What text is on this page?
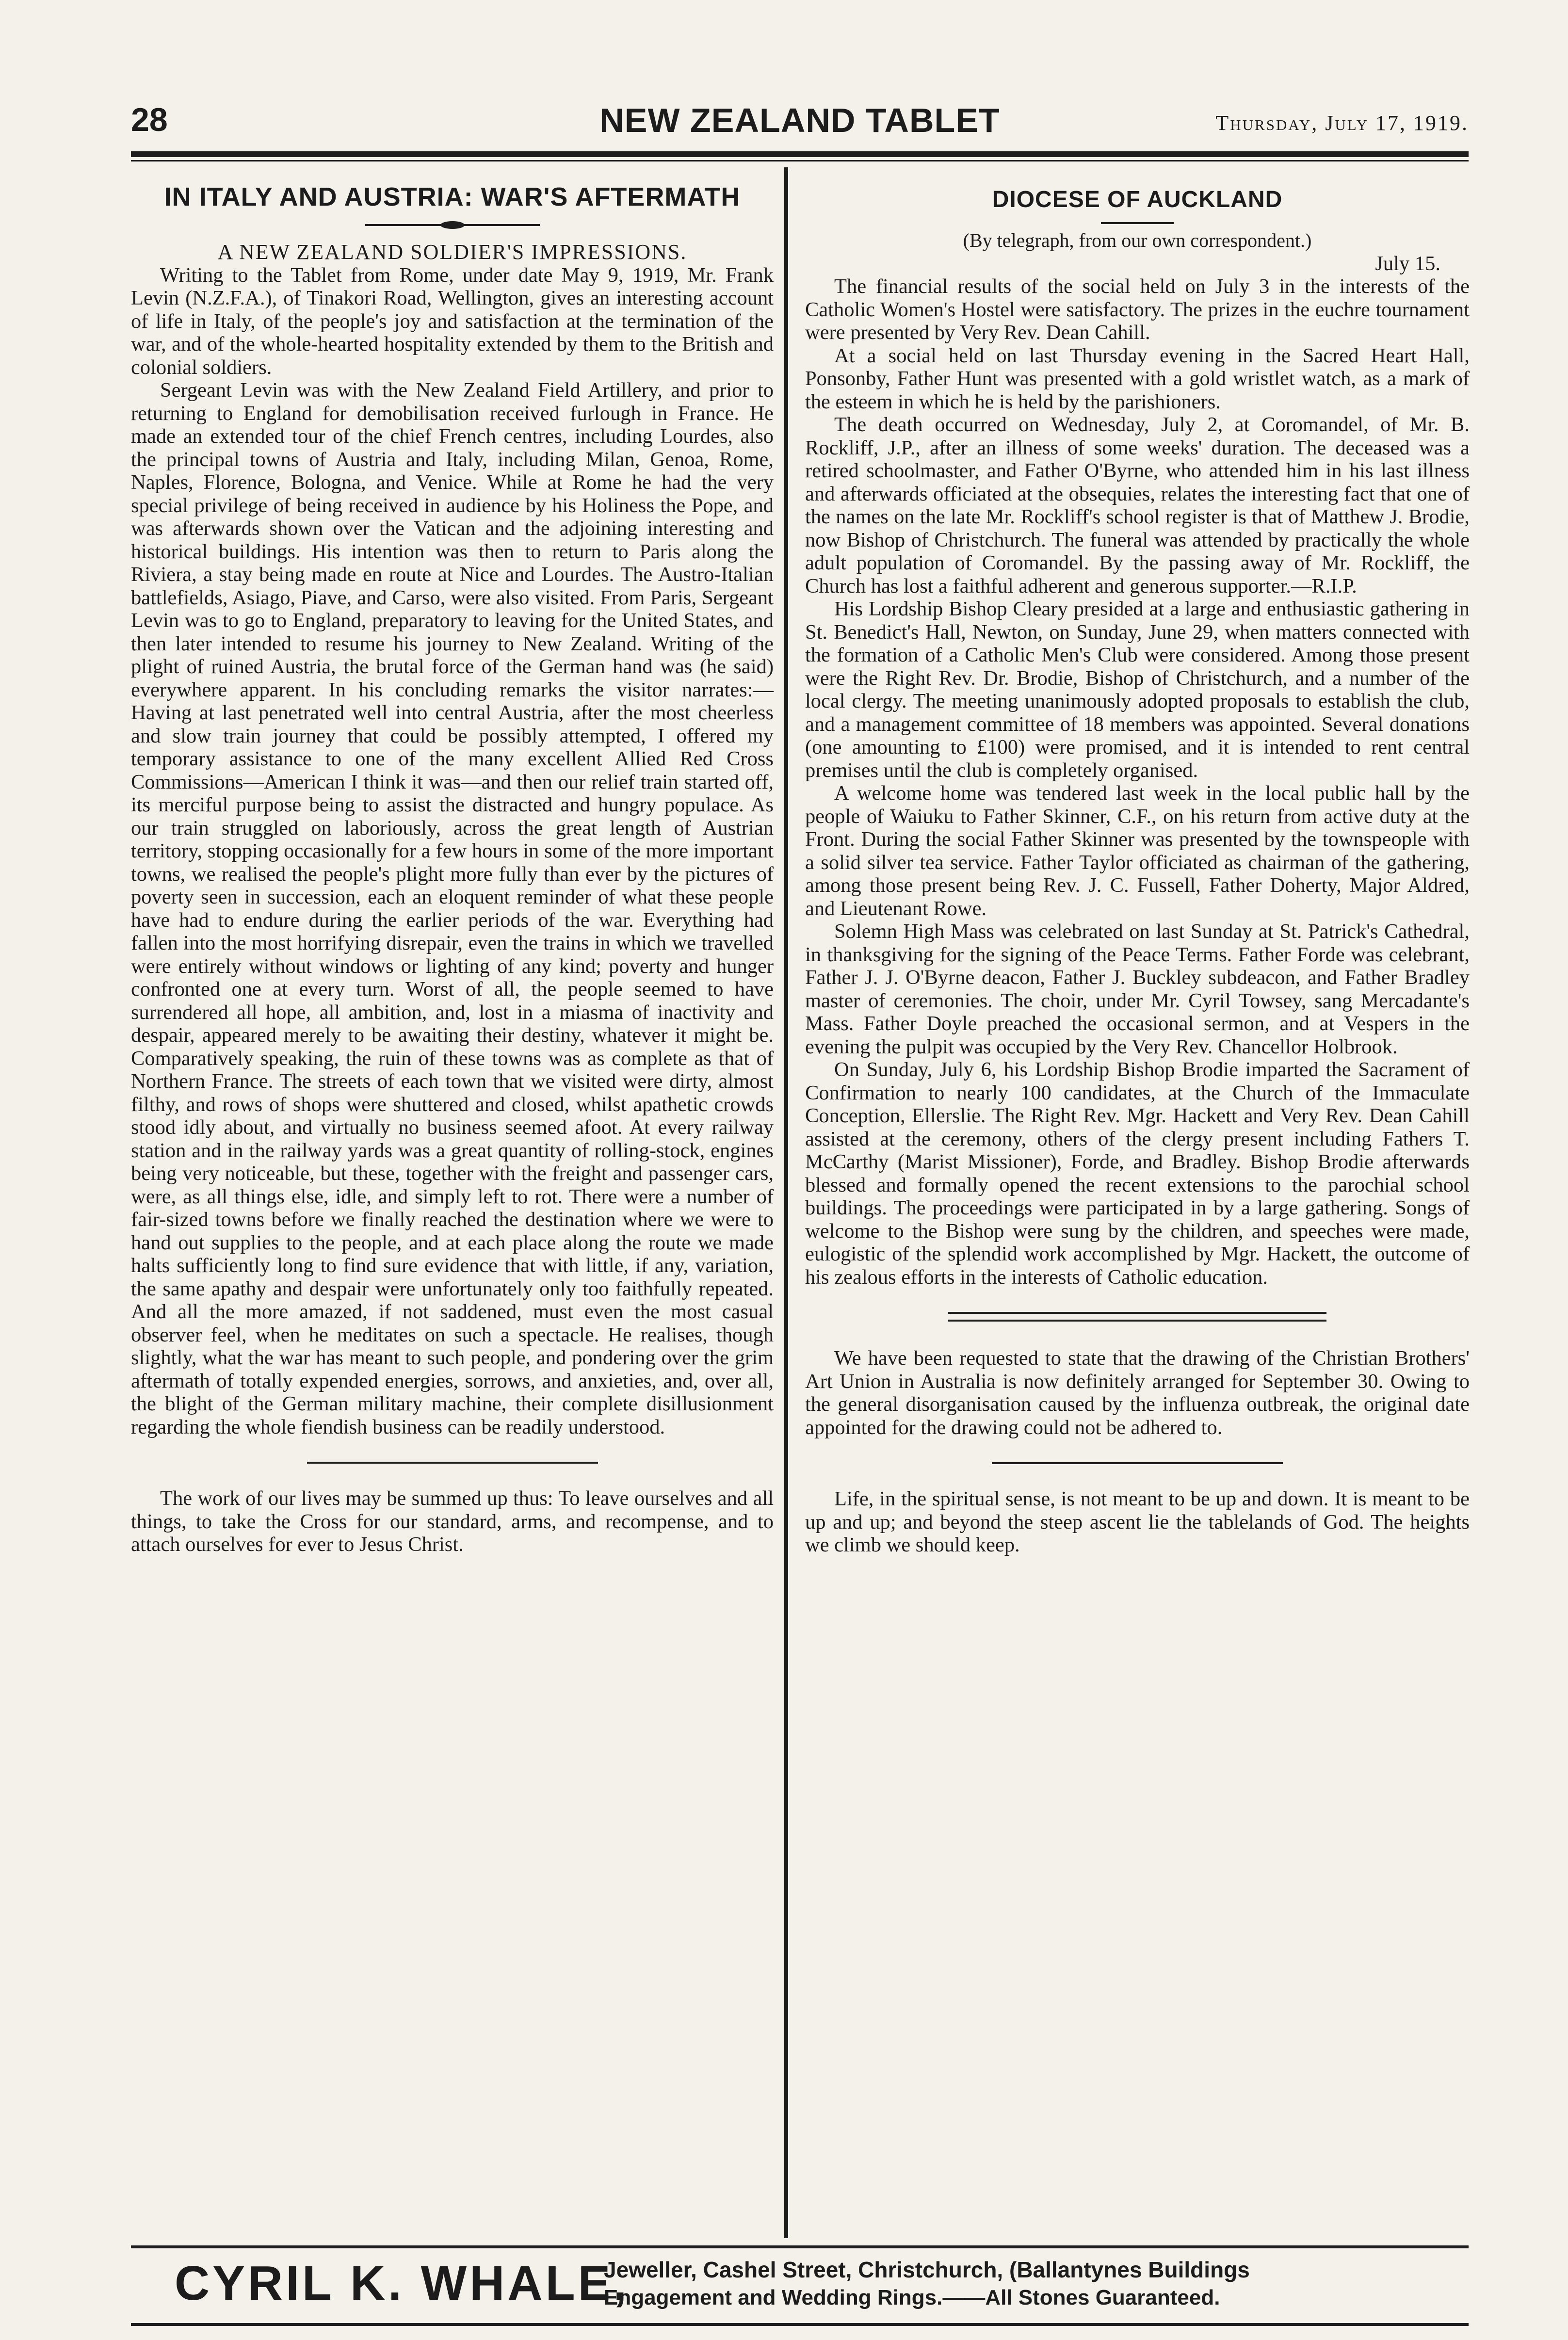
28	NEW ZEALAND TABLET	Thursday, July 17, 1919.
IN ITALY AND AUSTRIA: WAR'S AFTERMATH

A NEW ZEALAND SOLDIER'S IMPRESSIONS.

Writing to the Tablet from Rome, under date May 9, 1919, Mr. Frank Levin (N.Z.F.A.), of Tinakori Road, Wellington, gives an interesting account of life in Italy, of the people's joy and satisfaction at the termination of the war, and of the whole-hearted hospitality extended by them to the British and colonial soldiers.

Sergeant Levin was with the New Zealand Field Artillery, and prior to returning to England for demobilisation received furlough in France. He made an extended tour of the chief French centres, including Lourdes, also the principal towns of Austria and Italy, including Milan, Genoa, Rome, Naples, Florence, Bologna, and Venice. While at Rome he had the very special privilege of being received in audience by his Holiness the Pope, and was afterwards shown over the Vatican and the adjoining interesting and historical buildings. His intention was then to return to Paris along the Riviera, a stay being made en route at Nice and Lourdes. The Austro-Italian battlefields, Asiago, Piave, and Carso, were also visited. From Paris, Sergeant Levin was to go to England, preparatory to leaving for the United States, and then later intended to resume his journey to New Zealand. Writing of the plight of ruined Austria, the brutal force of the German hand was (he said) everywhere apparent. In his concluding remarks the visitor narrates:—Having at last penetrated well into central Austria, after the most cheerless and slow train journey that could be possibly attempted, I offered my temporary assistance to one of the many excellent Allied Red Cross Commissions—American I think it was—and then our relief train started off, its merciful purpose being to assist the distracted and hungry populace. As our train struggled on laboriously, across the great length of Austrian territory, stopping occasionally for a few hours in some of the more important towns, we realised the people's plight more fully than ever by the pictures of poverty seen in succession, each an eloquent reminder of what these people have had to endure during the earlier periods of the war. Everything had fallen into the most horrifying disrepair, even the trains in which we travelled were entirely without windows or lighting of any kind; poverty and hunger confronted one at every turn. Worst of all, the people seemed to have surrendered all hope, all ambition, and, lost in a miasma of inactivity and despair, appeared merely to be awaiting their destiny, whatever it might be. Comparatively speaking, the ruin of these towns was as complete as that of Northern France. The streets of each town that we visited were dirty, almost filthy, and rows of shops were shuttered and closed, whilst apathetic crowds stood idly about, and virtually no business seemed afoot. At every railway station and in the railway yards was a great quantity of rolling-stock, engines being very noticeable, but these, together with the freight and passenger cars, were, as all things else, idle, and simply left to rot. There were a number of fair-sized towns before we finally reached the destination where we were to hand out supplies to the people, and at each place along the route we made halts sufficiently long to find sure evidence that with little, if any, variation, the same apathy and despair were unfortunately only too faithfully repeated. And all the more amazed, if not saddened, must even the most casual observer feel, when he meditates on such a spectacle. He realises, though slightly, what the war has meant to such people, and pondering over the grim aftermath of totally expended energies, sorrows, and anxieties, and, over all, the blight of the German military machine, their complete disillusionment regarding the whole fiendish business can be readily understood.

The work of our lives may be summed up thus: To leave ourselves and all things, to take the Cross for our standard, arms, and recompense, and to attach ourselves for ever to Jesus Christ.

DIOCESE OF AUCKLAND

(By telegraph, from our own correspondent.)

July 15.

The financial results of the social held on July 3 in the interests of the Catholic Women's Hostel were satisfactory. The prizes in the euchre tournament were presented by Very Rev. Dean Cahill.

At a social held on last Thursday evening in the Sacred Heart Hall, Ponsonby, Father Hunt was presented with a gold wristlet watch, as a mark of the esteem in which he is held by the parishioners.

The death occurred on Wednesday, July 2, at Coromandel, of Mr. B. Rockliff, J.P., after an illness of some weeks' duration. The deceased was a retired schoolmaster, and Father O'Byrne, who attended him in his last illness and afterwards officiated at the obsequies, relates the interesting fact that one of the names on the late Mr. Rockliff's school register is that of Matthew J. Brodie, now Bishop of Christchurch. The funeral was attended by practically the whole adult population of Coromandel. By the passing away of Mr. Rockliff, the Church has lost a faithful adherent and generous supporter.—R.I.P.

His Lordship Bishop Cleary presided at a large and enthusiastic gathering in St. Benedict's Hall, Newton, on Sunday, June 29, when matters connected with the formation of a Catholic Men's Club were considered. Among those present were the Right Rev. Dr. Brodie, Bishop of Christchurch, and a number of the local clergy. The meeting unanimously adopted proposals to establish the club, and a management committee of 18 members was appointed. Several donations (one amounting to £100) were promised, and it is intended to rent central premises until the club is completely organised.

A welcome home was tendered last week in the local public hall by the people of Waiuku to Father Skinner, C.F., on his return from active duty at the Front. During the social Father Skinner was presented by the townspeople with a solid silver tea service. Father Taylor officiated as chairman of the gathering, among those present being Rev. J. C. Fussell, Father Doherty, Major Aldred, and Lieutenant Rowe.

Solemn High Mass was celebrated on last Sunday at St. Patrick's Cathedral, in thanksgiving for the signing of the Peace Terms. Father Forde was celebrant, Father J. J. O'Byrne deacon, Father J. Buckley subdeacon, and Father Bradley master of ceremonies. The choir, under Mr. Cyril Towsey, sang Mercadante's Mass. Father Doyle preached the occasional sermon, and at Vespers in the evening the pulpit was occupied by the Very Rev. Chancellor Holbrook.

On Sunday, July 6, his Lordship Bishop Brodie imparted the Sacrament of Confirmation to nearly 100 candidates, at the Church of the Immaculate Conception, Ellerslie. The Right Rev. Mgr. Hackett and Very Rev. Dean Cahill assisted at the ceremony, others of the clergy present including Fathers T. McCarthy (Marist Missioner), Forde, and Bradley. Bishop Brodie afterwards blessed and formally opened the recent extensions to the parochial school buildings. The proceedings were participated in by a large gathering. Songs of welcome to the Bishop were sung by the children, and speeches were made, eulogistic of the splendid work accomplished by Mgr. Hackett, the outcome of his zealous efforts in the interests of Catholic education.

We have been requested to state that the drawing of the Christian Brothers' Art Union in Australia is now definitely arranged for September 30. Owing to the general disorganisation caused by the influenza outbreak, the original date appointed for the drawing could not be adhered to.

Life, in the spiritual sense, is not meant to be up and down. It is meant to be up and up; and beyond the steep ascent lie the tablelands of God. The heights we climb we should keep.

CYRIL K. WHALE,
Jeweller, Cashel Street, Christchurch, (Ballantynes Buildings
Engagement and Wedding Rings.——All Stones Guaranteed.
